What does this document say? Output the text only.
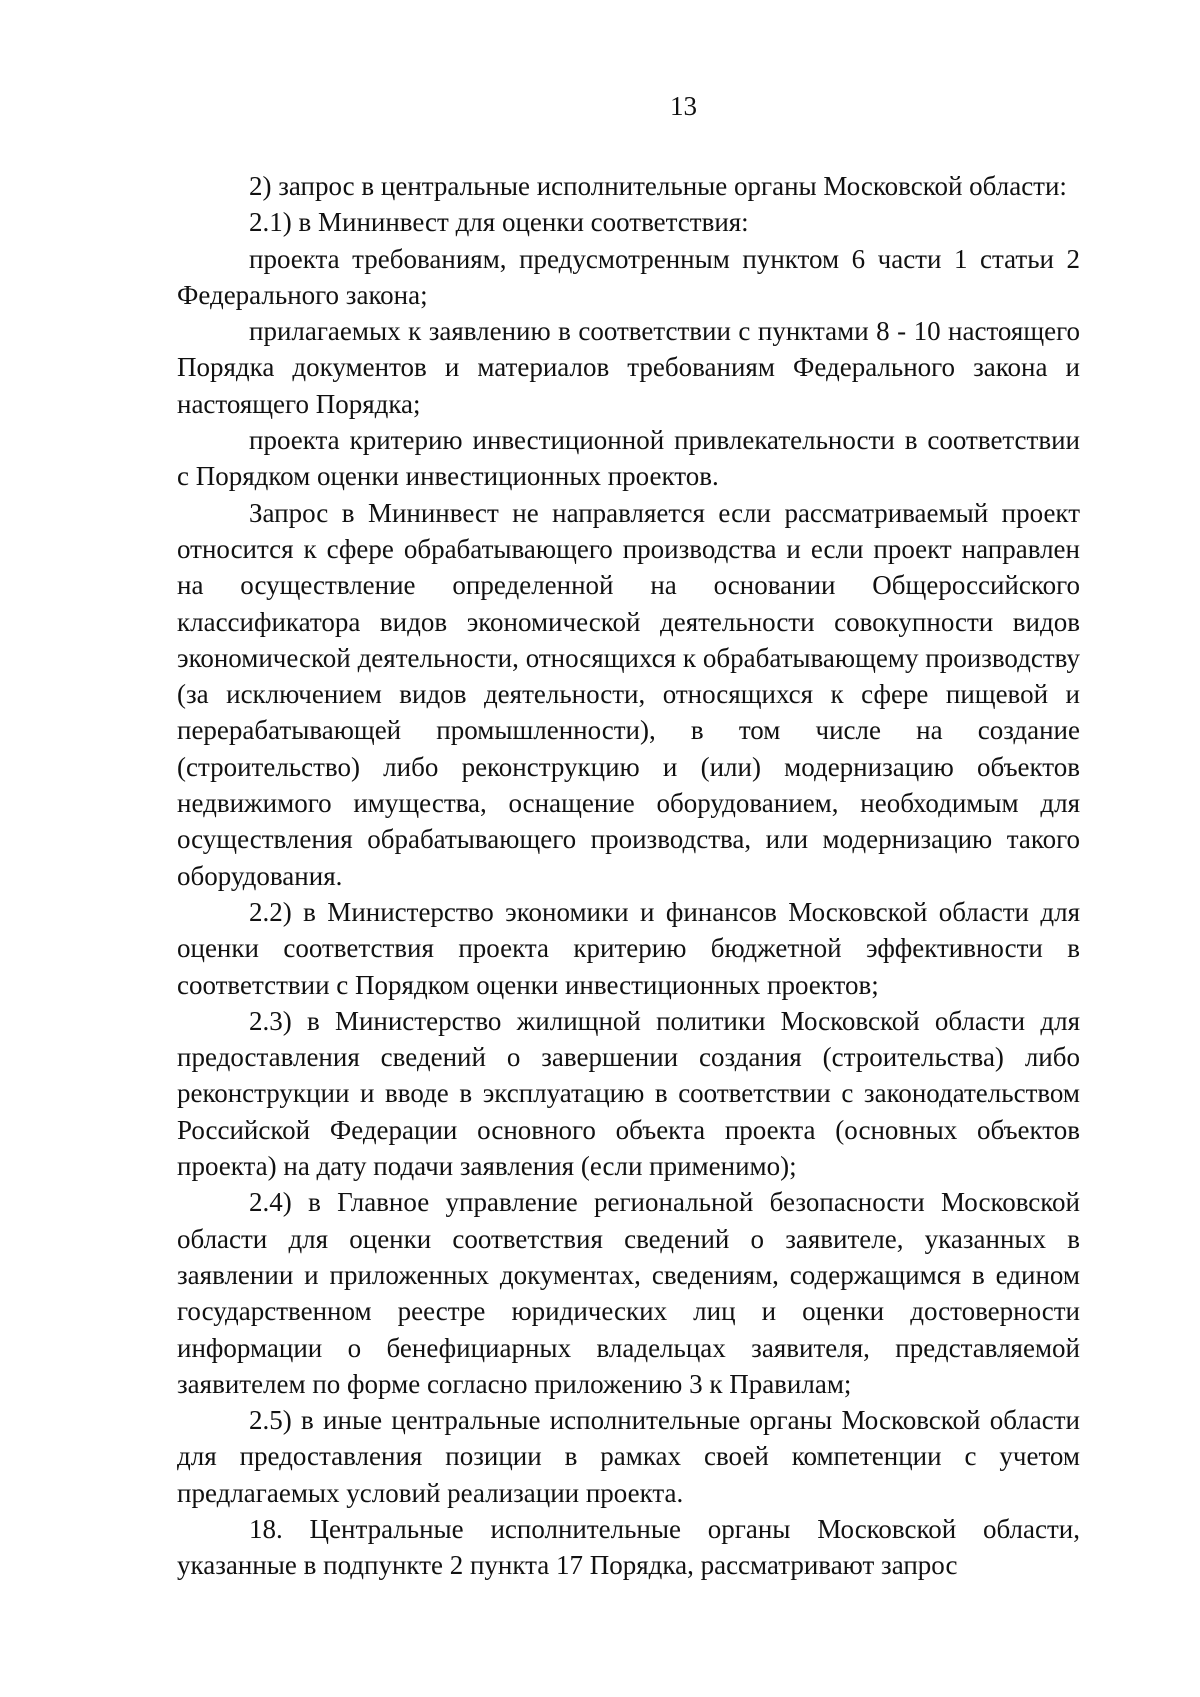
13

2) запрос в центральные исполнительные органы Московской области:

2.1) в Мининвест для оценки соответствия:

проекта требованиям, предусмотренным пунктом 6 части 1 статьи 2 Федерального закона;

прилагаемых к заявлению в соответствии с пунктами 8 - 10 настоящего Порядка документов и материалов требованиям Федерального закона и настоящего Порядка;

проекта критерию инвестиционной привлекательности в соответствии с Порядком оценки инвестиционных проектов.

Запрос в Мининвест не направляется если рассматриваемый проект относится к сфере обрабатывающего производства и если проект направлен на осуществление определенной на основании Общероссийского классификатора видов экономической деятельности совокупности видов экономической деятельности, относящихся к обрабатывающему производству (за исключением видов деятельности, относящихся к сфере пищевой и перерабатывающей промышленности), в том числе на создание (строительство) либо реконструкцию и (или) модернизацию объектов недвижимого имущества, оснащение оборудованием, необходимым для осуществления обрабатывающего производства, или модернизацию такого оборудования.

2.2) в Министерство экономики и финансов Московской области для оценки соответствия проекта критерию бюджетной эффективности в соответствии с Порядком оценки инвестиционных проектов;

2.3) в Министерство жилищной политики Московской области для предоставления сведений о завершении создания (строительства) либо реконструкции и вводе в эксплуатацию в соответствии с законодательством Российской Федерации основного объекта проекта (основных объектов проекта) на дату подачи заявления (если применимо);

2.4) в Главное управление региональной безопасности Московской области для оценки соответствия сведений о заявителе, указанных в заявлении и приложенных документах, сведениям, содержащимся в едином государственном реестре юридических лиц и оценки достоверности информации о бенефициарных владельцах заявителя, представляемой заявителем по форме согласно приложению 3 к Правилам;

2.5) в иные центральные исполнительные органы Московской области для предоставления позиции в рамках своей компетенции с учетом предлагаемых условий реализации проекта.

18. Центральные исполнительные органы Московской области, указанные в подпункте 2 пункта 17 Порядка, рассматривают запрос
